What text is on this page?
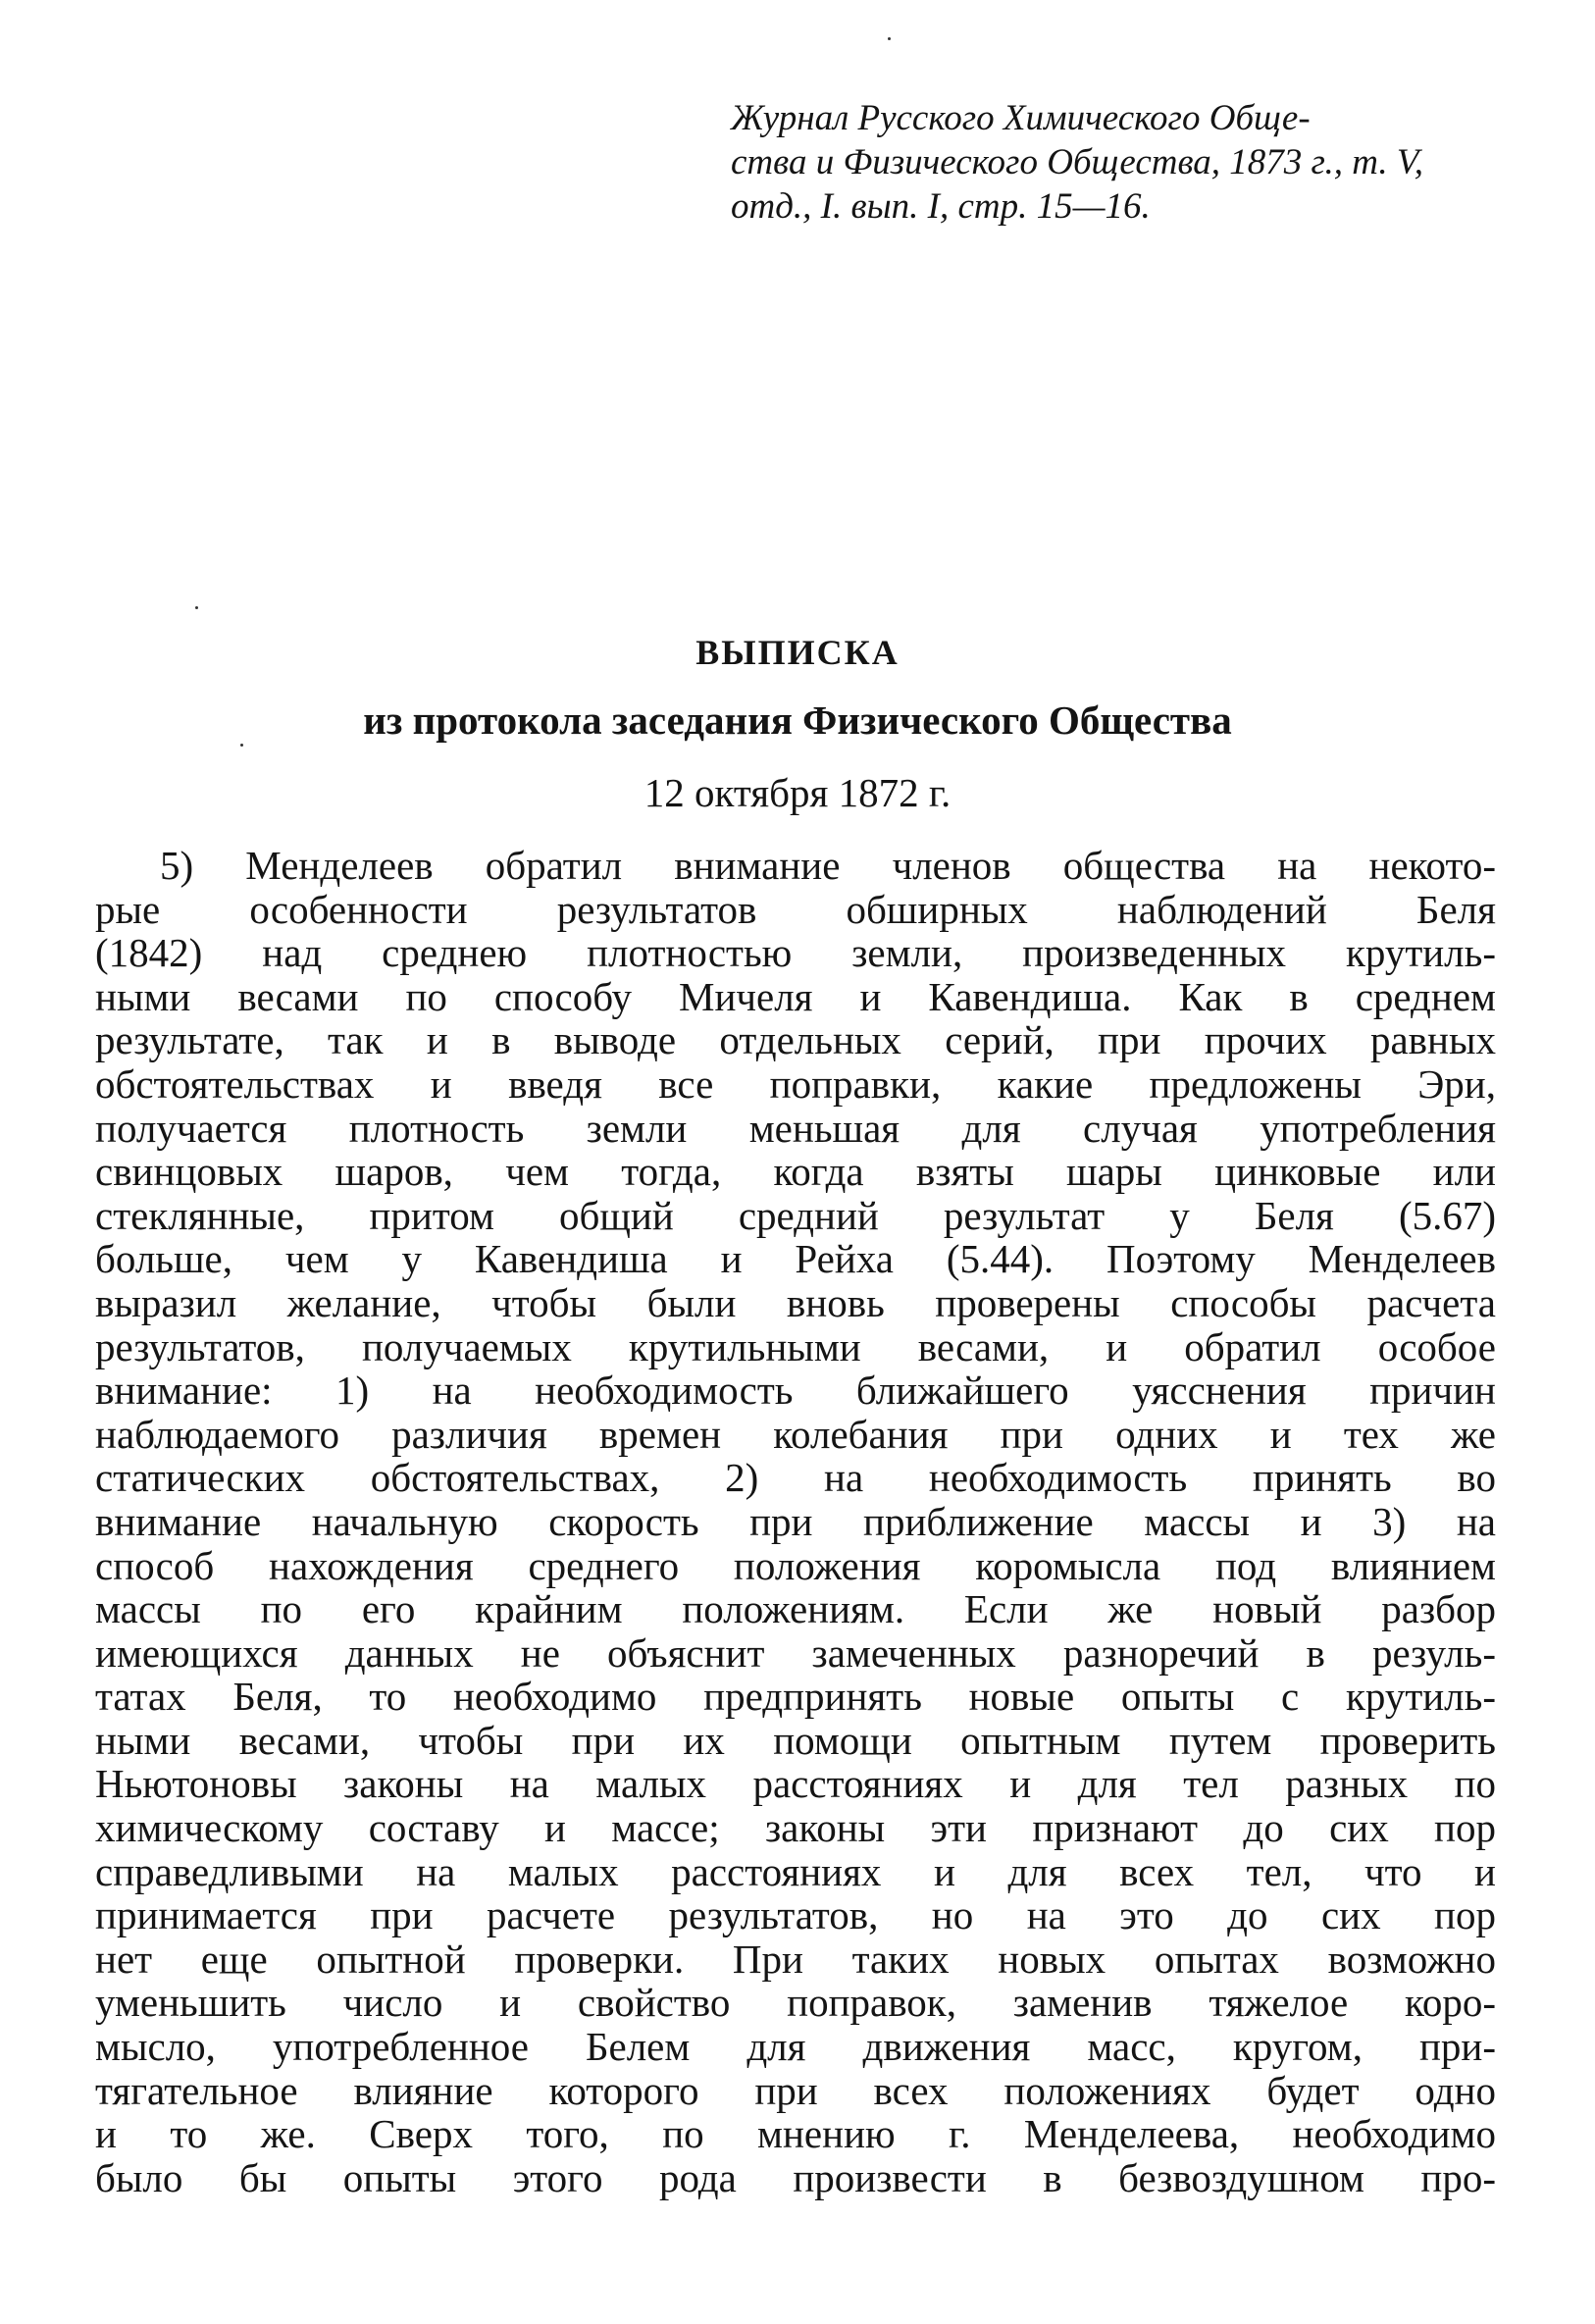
Журнал Русского Химического Обще-
ства и Физического Общества, 1873 г., т. V,
отд., I. вып. I, стр. 15—16.
ВЫПИСКА
из протокола заседания Физического Общества
12 октября 1872 г.
5) Менделеев обратил внимание членов общества на некото-
рые особенности результатов обширных наблюдений Беля
(1842) над среднею плотностью земли, произведенных крутиль-
ными весами по способу Мичеля и Кавендиша. Как в среднем
результате, так и в выводе отдельных серий, при прочих равных
обстоятельствах и введя все поправки, какие предложены Эри,
получается плотность земли меньшая для случая употребления
свинцовых шаров, чем тогда, когда взяты шары цинковые или
стеклянные, притом общий средний результат у Беля (5.67)
больше, чем у Кавендиша и Рейха (5.44). Поэтому Менделеев
выразил желание, чтобы были вновь проверены способы расчета
результатов, получаемых крутильными весами, и обратил особое
внимание: 1) на необходимость ближайшего уясснения причин
наблюдаемого различия времен колебания при одних и тех же
статических обстоятельствах, 2) на необходимость принять во
внимание начальную скорость при приближение массы и 3) на
способ нахождения среднего положения коромысла под влиянием
массы по его крайним положениям. Если же новый разбор
имеющихся данных не объяснит замеченных разноречий в резуль-
татах Беля, то необходимо предпринять новые опыты с крутиль-
ными весами, чтобы при их помощи опытным путем проверить
Ньютоновы законы на малых расстояниях и для тел разных по
химическому составу и массе; законы эти признают до сих пор
справедливыми на малых расстояниях и для всех тел, что и
принимается при расчете результатов, но на это до сих пор
нет еще опытной проверки. При таких новых опытах возможно
уменьшить число и свойство поправок, заменив тяжелое коро-
мысло, употребленное Белем для движения масс, кругом, при-
тягательное влияние которого при всех положениях будет одно
и то же. Сверх того, по мнению г. Менделеева, необходимо
было бы опыты этого рода произвести в безвоздушном про-
